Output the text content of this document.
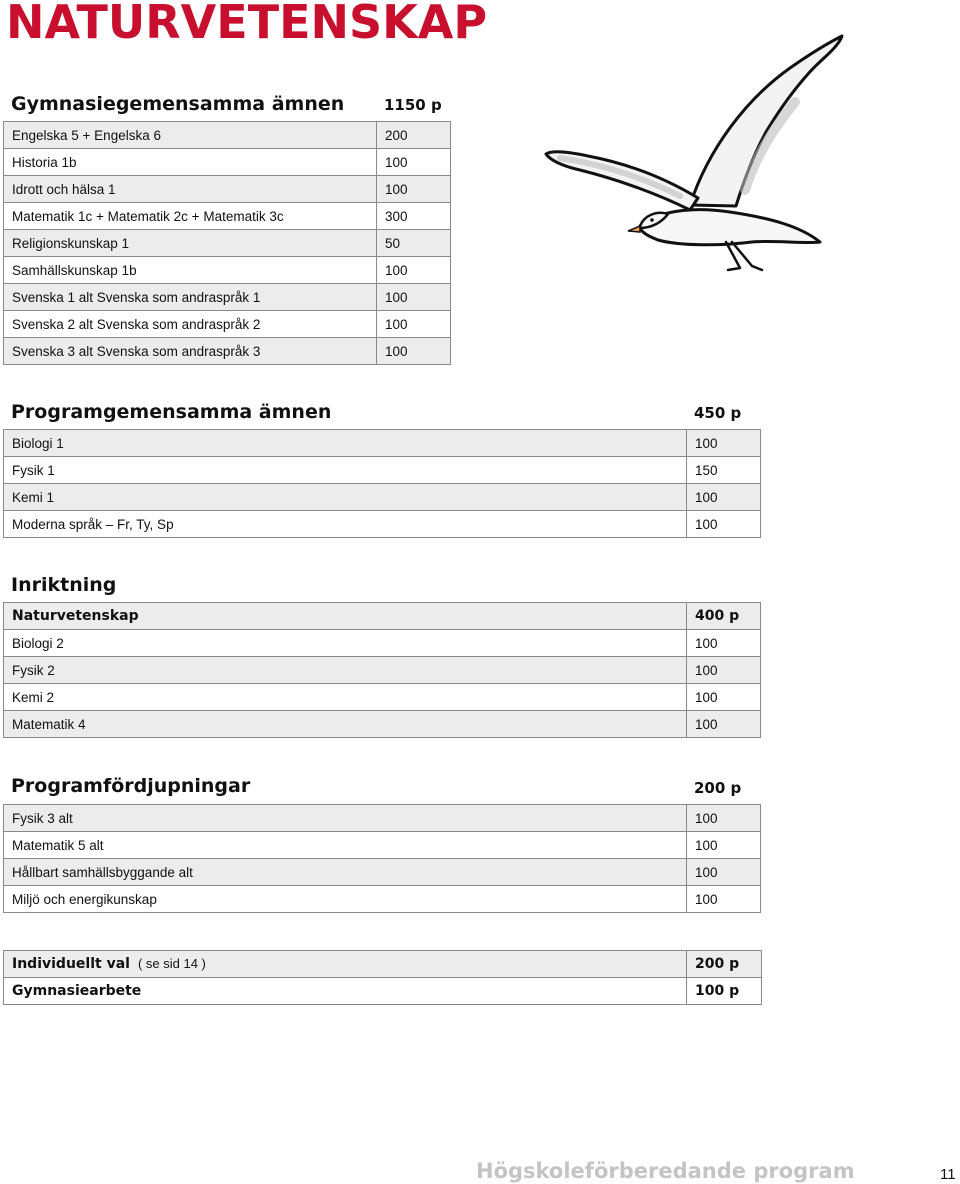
NATURVETENSKAP
Gymnasiegemensamma ämnen	1150 p
Engelska 5 + Engelska 6	200
Historia 1b	100
Idrott och hälsa 1	100
Matematik 1c + Matematik 2c + Matematik 3c	300
Religionskunskap 1	50
Samhällskunskap 1b	100
Svenska 1 alt Svenska som andraspråk 1	100
Svenska 2 alt Svenska som andraspråk 2	100
Svenska 3 alt Svenska som andraspråk 3	100
Programgemensamma ämnen	450 p
Biologi 1	100
Fysik 1	150
Kemi 1	100
Moderna språk – Fr, Ty, Sp	100
Inriktning
Naturvetenskap	400 p
Biologi 2	100
Fysik 2	100
Kemi 2	100
Matematik 4	100
Programfördjupningar	200 p
Fysik 3 alt	100
Matematik 5 alt	100
Hållbart samhällsbyggande alt	100
Miljö och energikunskap	100
Individuellt val ( se sid 14 )	200 p
Gymnasiearbete	100 p
Högskoleförberedande program	11
